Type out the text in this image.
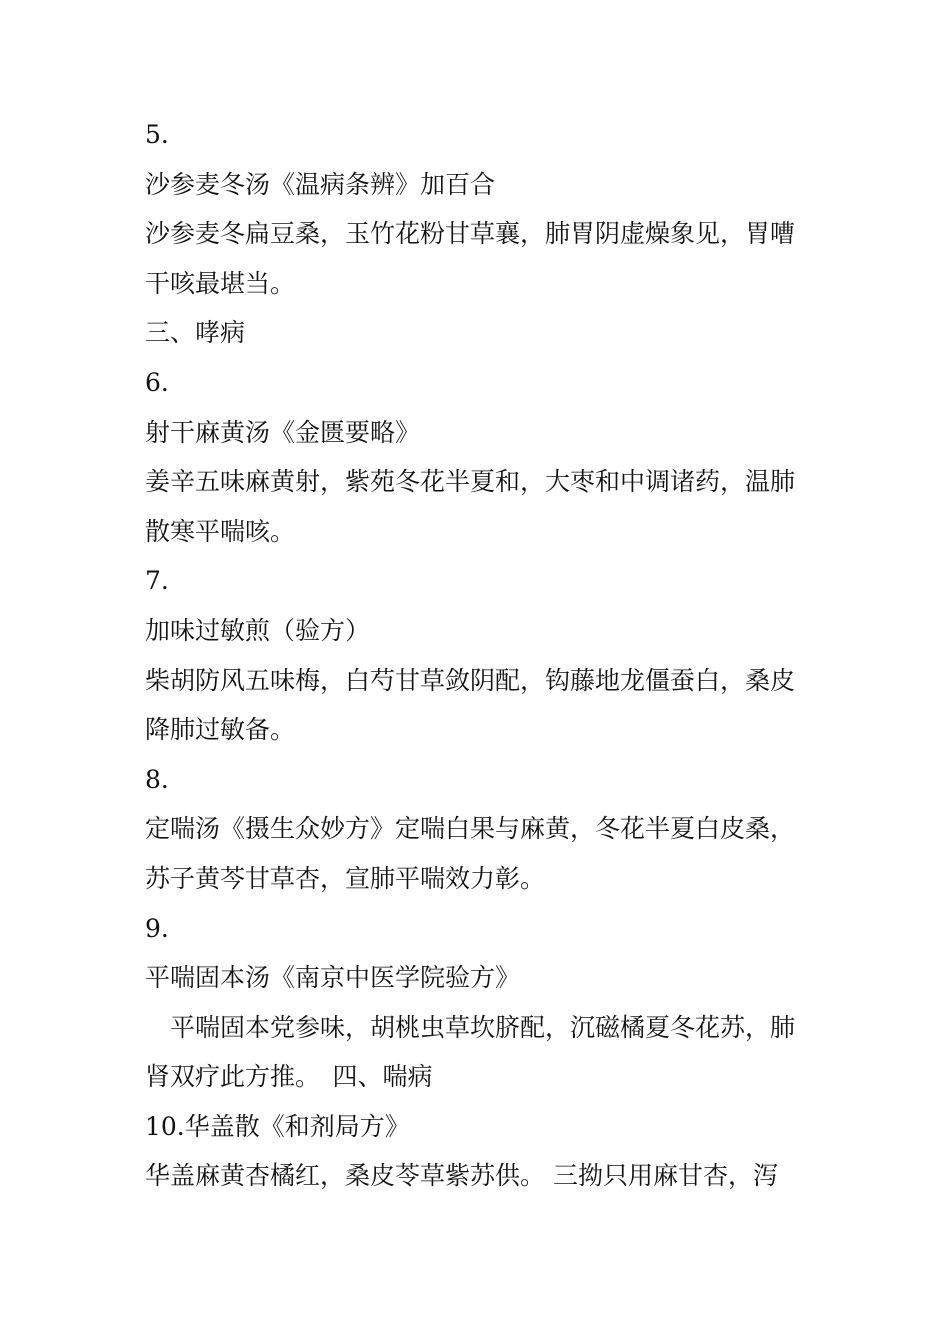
5.
沙参麦冬汤《温病条辨》加百合
沙参麦冬扁豆桑，玉竹花粉甘草襄，肺胃阴虚燥象见，胃嘈
干咳最堪当。
三、哮病
6.
射干麻黄汤《金匮要略》
姜辛五味麻黄射，紫苑冬花半夏和，大枣和中调诸药，温肺
散寒平喘咳。
7.
加味过敏煎（验方）
柴胡防风五味梅，白芍甘草敛阴配，钩藤地龙僵蚕白，桑皮
降肺过敏备。
8.
定喘汤《摄生众妙方》定喘白果与麻黄，冬花半夏白皮桑，
苏子黄芩甘草杏，宣肺平喘效力彰。
9.
平喘固本汤《南京中医学院验方》
　平喘固本党参味，胡桃虫草坎脐配，沉磁橘夏冬花苏，肺
肾双疗此方推。　四、喘病
10.华盖散《和剂局方》
华盖麻黄杏橘红，桑皮苓草紫苏供。 三拗只用麻甘杏，泻
